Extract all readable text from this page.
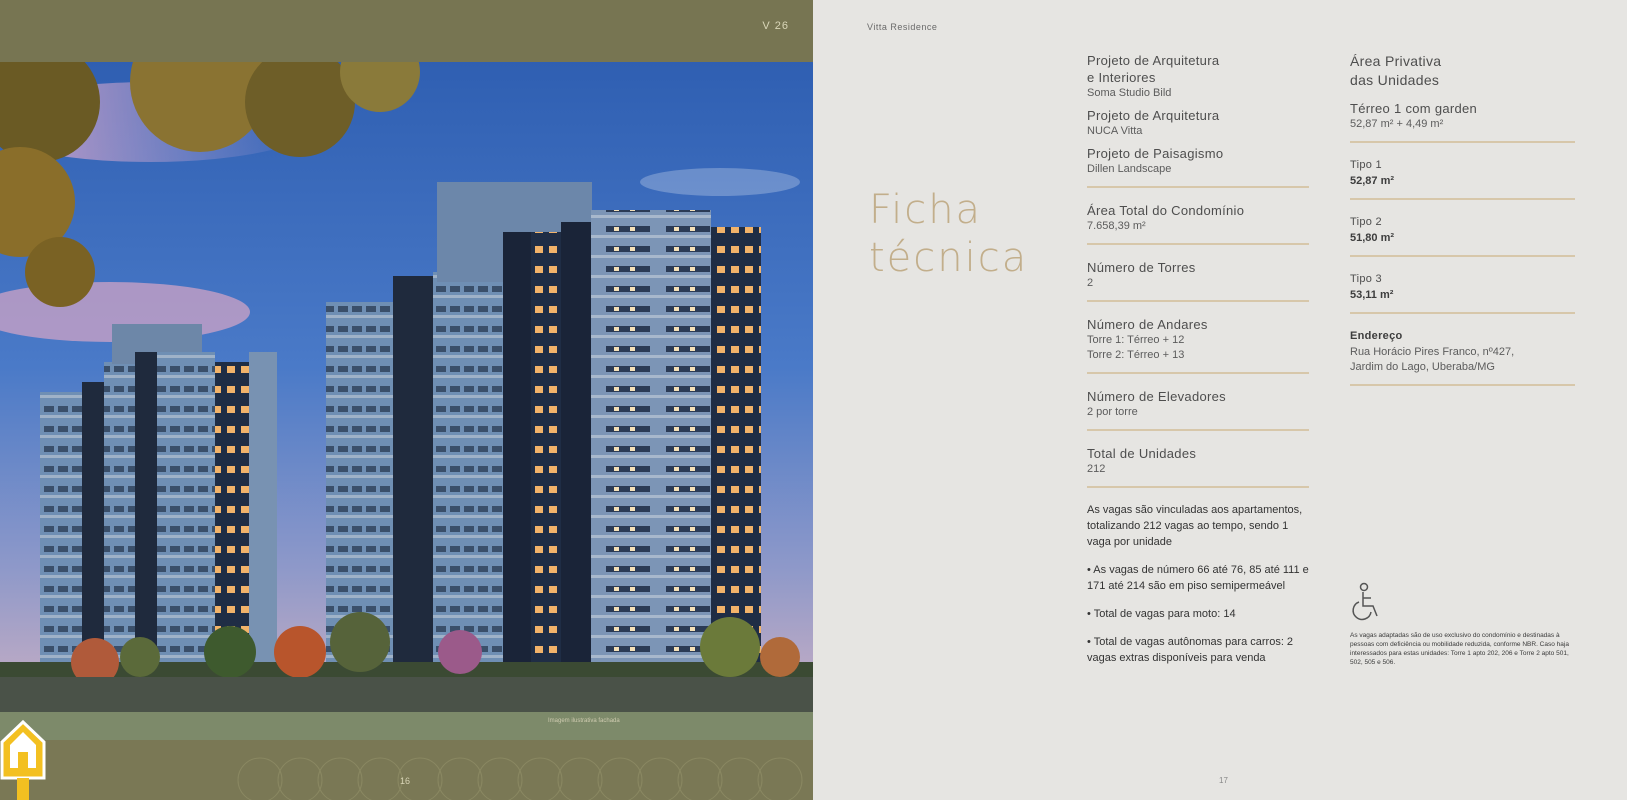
V 26
Imagem ilustrativa fachada
16
Vitta Residence
Ficha
técnica
Projeto de Arquitetura
e Interiores
Soma Studio Bild
Projeto de Arquitetura
NUCA Vitta
Projeto de Paisagismo
Dillen Landscape
Área Total do Condomínio
7.658,39 m²
Número de Torres
2
Número de Andares
Torre 1: Térreo + 12
Torre 2: Térreo + 13
Número de Elevadores
2 por torre
Total de Unidades
212

As vagas são vinculadas aos apartamentos, totalizando 212 vagas ao tempo, sendo 1 vaga por unidade

• As vagas de número 66 até 76, 85 até 111 e 171 até 214 são em piso semipermeável

• Total de vagas para moto: 14

• Total de vagas autônomas para carros: 2 vagas extras disponíveis para venda

Área Privativa
das Unidades
Térreo 1 com garden
52,87 m² + 4,49 m²
Tipo 1
52,87 m²
Tipo 2
51,80 m²
Tipo 3
53,11 m²
Endereço
Rua Horácio Pires Franco, nº427,
Jardim do Lago, Uberaba/MG
As vagas adaptadas são de uso exclusivo do condomínio e destinadas à pessoas com deficiência ou mobilidade reduzida, conforme NBR. Caso haja interessados para estas unidades: Torre 1 apto 202, 206 e Torre 2 apto 501, 502, 505 e 506.
17
